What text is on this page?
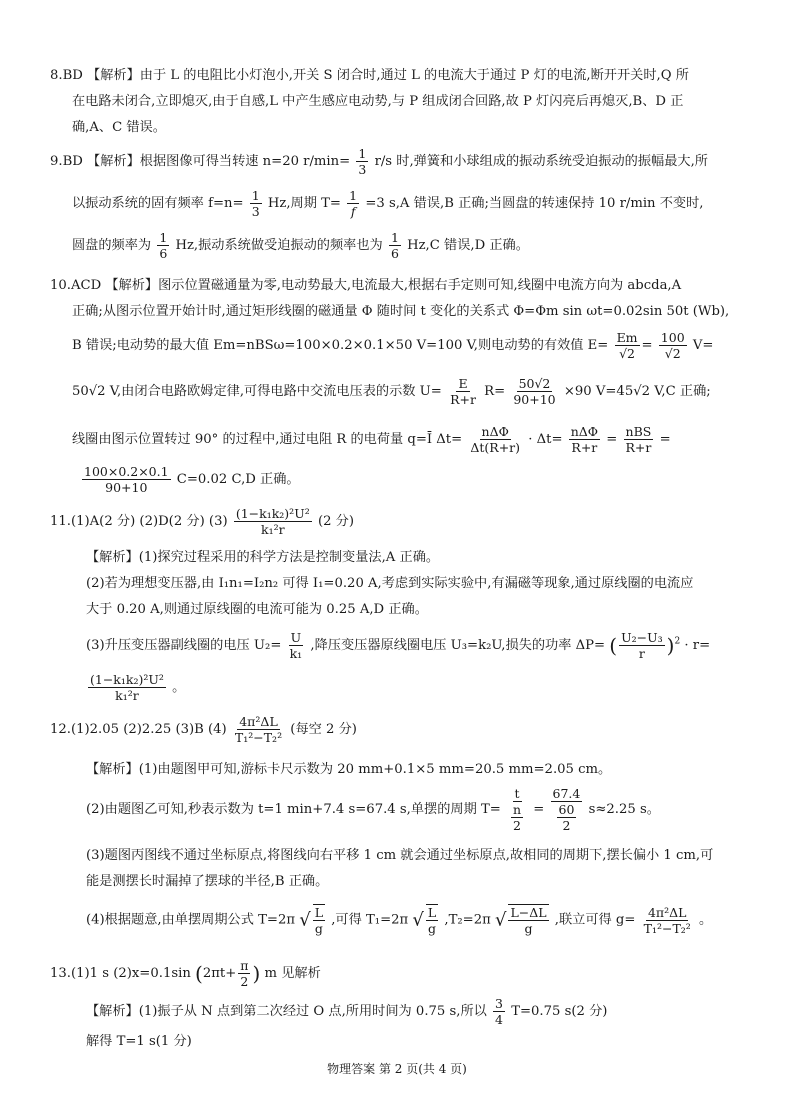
8.BD 【解析】由于 L 的电阻比小灯泡小,开关 S 闭合时,通过 L 的电流大于通过 P 灯的电流,断开开关时,Q 所
在电路未闭合,立即熄灭,由于自感,L 中产生感应电动势,与 P 组成闭合回路,故 P 灯闪亮后再熄灭,B、D 正
确,A、C 错误。
9.BD 【解析】根据图像可得当转速 n=20 $r/\min= \frac{1}{3} r/s$ 时,弹簧和小球组成的振动系统受迫振动的振幅最大,所
以振动系统的固有频率 $f=n= \frac{1}{3} Hz$,周期 $T= \frac{1}{f} =3$ s,A 错误,B 正确;当圆盘的转速保持 10 r/min 不变时,
圆盘的频率为 $\frac{1}{6} Hz$,振动系统做受迫振动的频率也为 $\frac{1}{6} Hz,C$ 错误,D 正确。
10.ACD 【解析】图示位置磁通量为零,电动势最大,电流最大,根据右手定则可知,线圈中电流方向为 abcda,A
正确;从图示位置开始计时,通过矩形线圈的磁通量 Φ 随时间 t 变化的关系式 Φ=Φm sin ωt=0.02sin 50t (Wb),
B 错误;电动势的最大值 Em=nBSω=100×0.2×0.1×50 V=100 V,则电动势的有效值 $E= \frac{Em}{√2} = \frac{100}{√2} V=$
50√2 V,由闭合电路欧姆定律,可得电路中交流电压表的示数 $U= \frac{E}{R+r} R= \frac{50√2}{90+10} \times 90$ V=45√2 V,C 正确;
线圈由图示位置转过 90° 的过程中,通过电阻 R 的电荷量 q=Ī $\Delta t= \frac{\text{nΔΦ}}{\Delta t(R+r)} \cdot \Delta t= \frac{\text{nΔΦ}}{R+r} = \frac{\text{nBS}}{R+r}$ =
$\frac{100\times 0.2\times 0.1}{90+10} C=0.02$ C,D 正确。
11.(1)A(2 分) (2)D(2 分) $(3) \frac{\text{(1−k₁k₂)²U²}}{\text{k₁²r}} (2$ 分)
【解析】(1)探究过程采用的科学方法是控制变量法,A 正确。
(2)若为理想变压器,由 I₁n₁=I₂n₂ 可得 I₁=0.20 A,考虑到实际实验中,有漏磁等现象,通过原线圈的电流应
大于 0.20 A,则通过原线圈的电流可能为 0.25 A,D 正确。
(3)升压变压器副线圈的电压 $U_2= \frac{U}{\text{k₁}}$ ,降压变压器原线圈电压 U₃=k₂U,损失的功率 ΔP= ( $\frac{\text{U₂−U₃}}{r} )^2 \cdot r=$
$\frac{\text{(1−k₁k₂)²U²}}{\text{k₁²r}}$ 。
12.(1)2.05 (2)2.25 (3)B $(4) \frac{\text{4π²ΔL}}{\text{T₁²−T₂²}}$ (每空 2 分)
【解析】(1)由题图甲可知,游标卡尺示数为 20 mm+0.1×5 mm=20.5 mm=2.05 cm。
(2)由题图乙可知,秒表示数为 t=1 min+7.4 s=67.4 s,单摆的周期 $T= \frac{t}{\frac{n}{2}} = \frac{67.4}{\frac{60}{2}} s\approx 2.25$ s。
(3)题图丙图线不通过坐标原点,将图线向右平移 1 cm 就会通过坐标原点,故相同的周期下,摆长偏小 1 cm,可
能是测摆长时漏掉了摆球的半径,B 正确。
(4)根据题意,由单摆周期公式 T=2π √ $\frac{L}{g}$ ,可得 T₁=2π √ $\frac{L}{g} ,T_2=2\pi$ √ $\frac{L-\Delta L}{g}$ ,联立可得 $g= \frac{\text{4π²ΔL}}{\text{T₁²−T₂²}}$ 。
13.(1)1 s (2)x=0.1sin ($2\pi t+ \frac{\pi}{2}$ ) m 见解析
【解析】(1)振子从 N 点到第二次经过 O 点,所用时间为 0.75 s,所以 $\frac{3}{4} T=0.75$ s(2 分)
解得 T=1 s(1 分)
物理答案 第 2 页(共 4 页)
